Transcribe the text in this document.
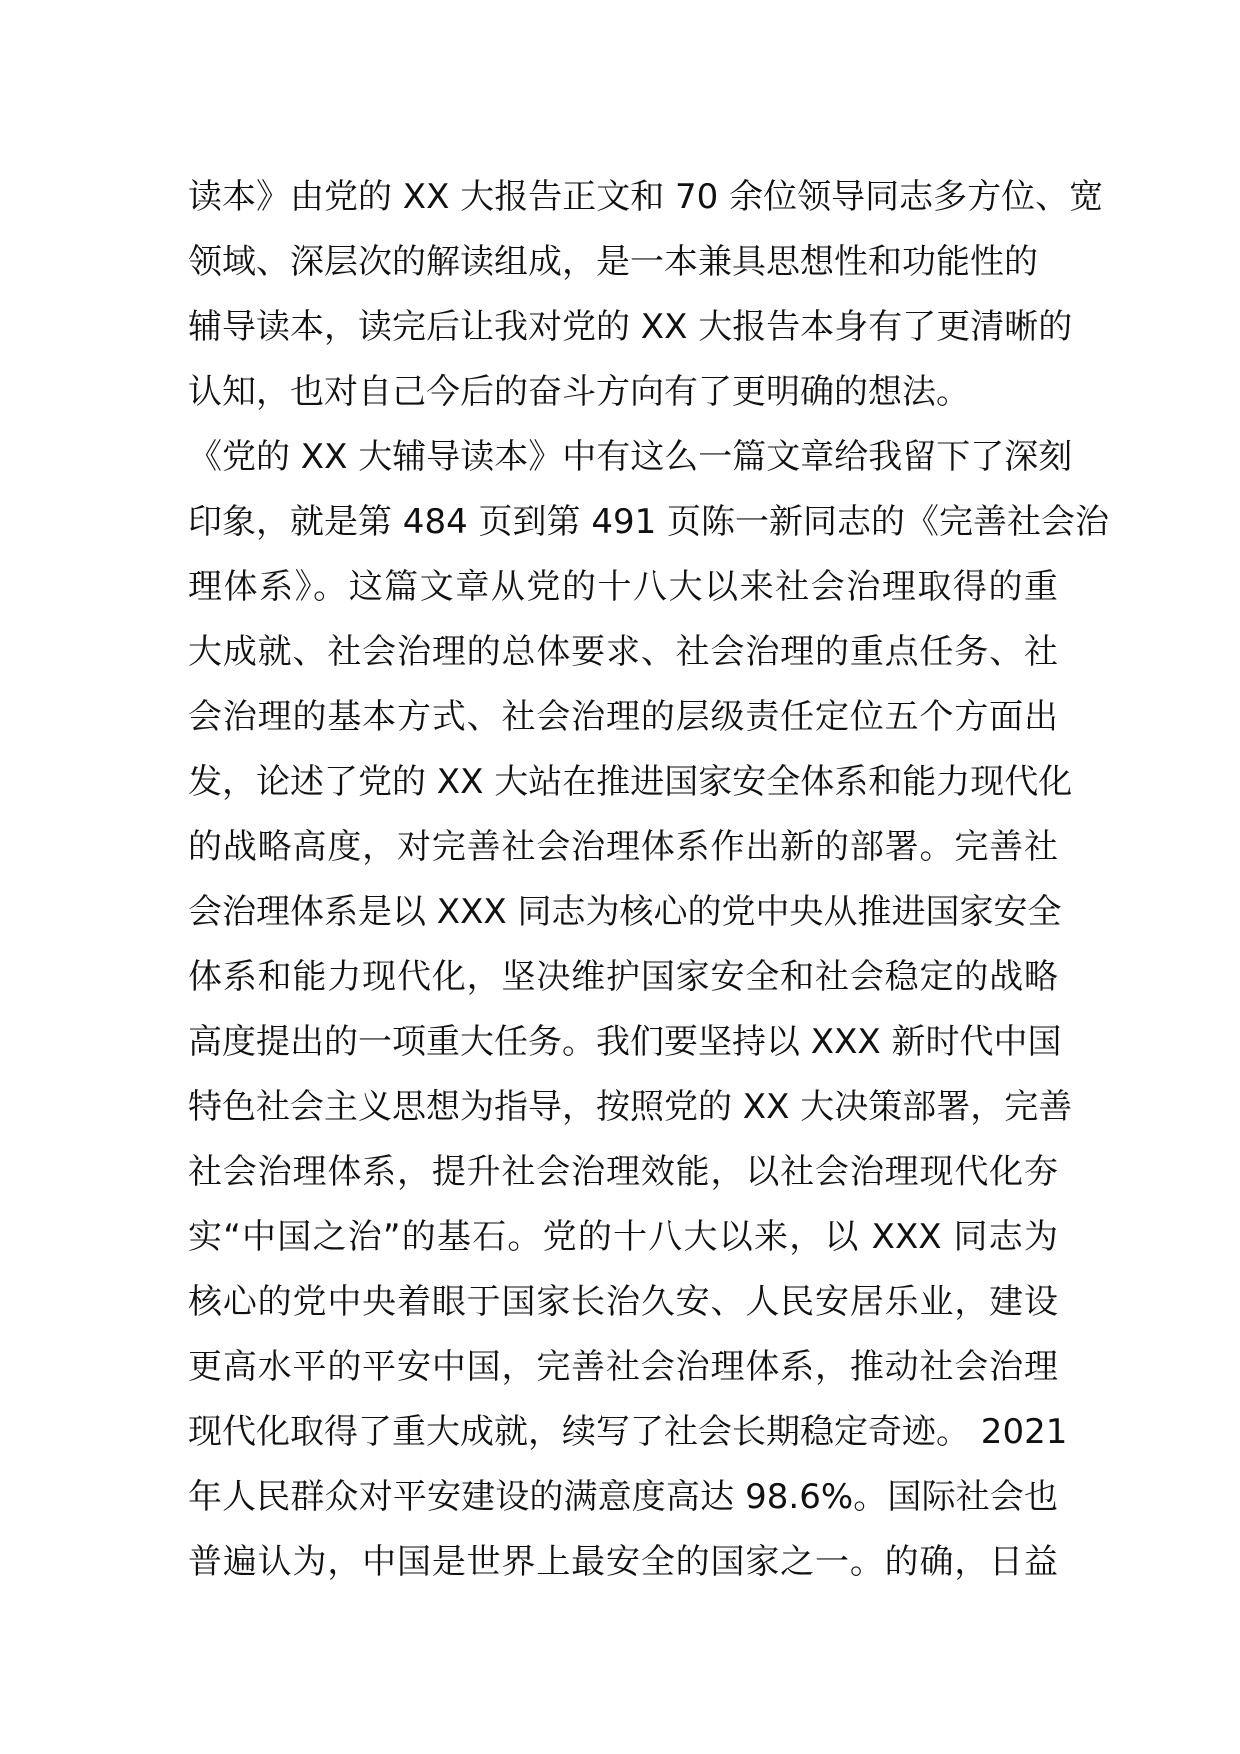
读本》由党的 XX 大报告正文和 70 余位领导同志多方位、宽
领域、深层次的解读组成，是一本兼具思想性和功能性的
辅导读本，读完后让我对党的 XX 大报告本身有了更清晰的
认知，也对自己今后的奋斗方向有了更明确的想法。
《党的 XX 大辅导读本》中有这么一篇文章给我留下了深刻
印象，就是第 484 页到第 491 页陈一新同志的《完善社会治
理体系》。这篇文章从党的十八大以来社会治理取得的重
大成就、社会治理的总体要求、社会治理的重点任务、社
会治理的基本方式、社会治理的层级责任定位五个方面出
发，论述了党的 XX 大站在推进国家安全体系和能力现代化
的战略高度，对完善社会治理体系作出新的部署。完善社
会治理体系是以 XXX 同志为核心的党中央从推进国家安全
体系和能力现代化，坚决维护国家安全和社会稳定的战略
高度提出的一项重大任务。我们要坚持以 XXX 新时代中国
特色社会主义思想为指导，按照党的 XX 大决策部署，完善
社会治理体系，提升社会治理效能，以社会治理现代化夯
实“中国之治”的基石。党的十八大以来，以 XXX 同志为
核心的党中央着眼于国家长治久安、人民安居乐业，建设
更高水平的平安中国，完善社会治理体系，推动社会治理
现代化取得了重大成就，续写了社会长期稳定奇迹。 2021
年人民群众对平安建设的满意度高达 98.6%。国际社会也
普遍认为，中国是世界上最安全的国家之一。的确，日益
